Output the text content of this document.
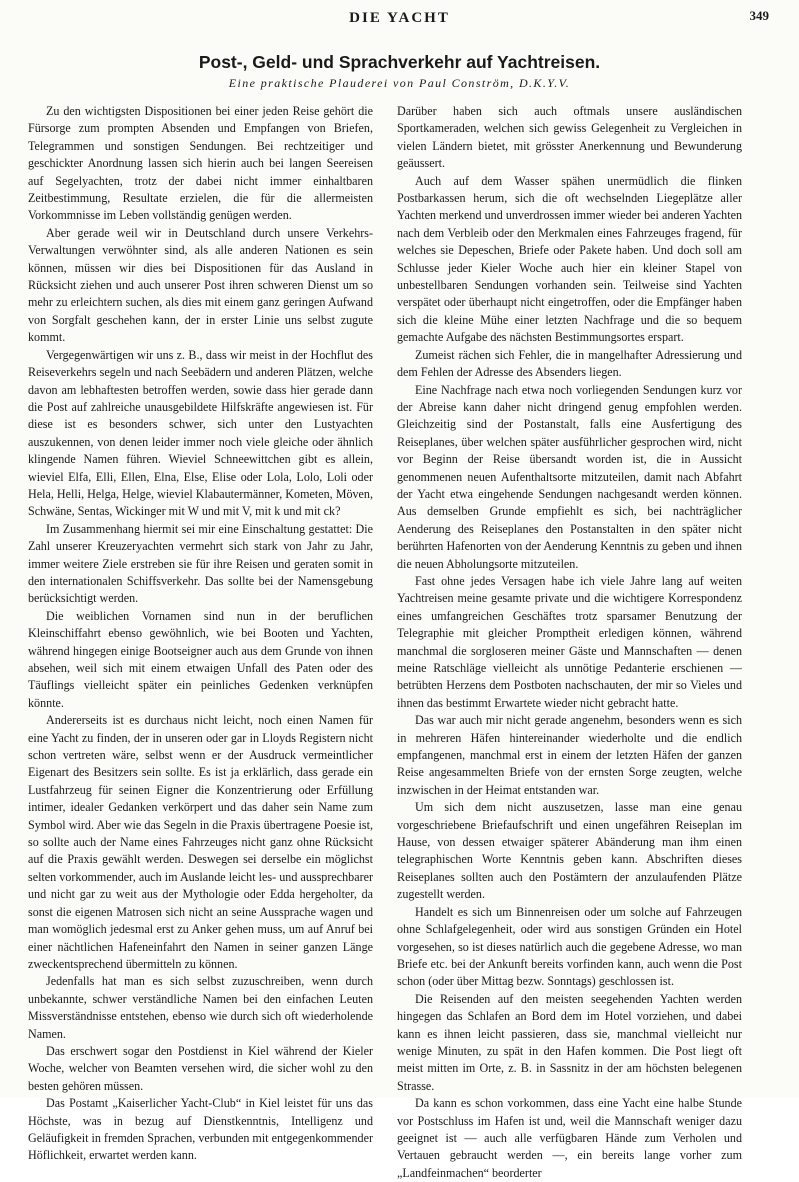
DIE YACHT	349
Post-, Geld- und Sprachverkehr auf Yachtreisen.
Eine praktische Plauderei von Paul Conström, D.K.Y.V.

Zu den wichtigsten Dispositionen bei einer jeden Reise gehört die Fürsorge zum prompten Absenden und Empfangen von Briefen, Telegrammen und sonstigen Sendungen. Bei rechtzeitiger und geschickter Anordnung lassen sich hierin auch bei langen Seereisen auf Segelyachten, trotz der dabei nicht immer einhaltbaren Zeitbestimmung, Resultate erzielen, die für die allermeisten Vorkommnisse im Leben vollständig genügen werden.

Aber gerade weil wir in Deutschland durch unsere Verkehrs-Verwaltungen verwöhnter sind, als alle anderen Nationen es sein können, müssen wir dies bei Dispositionen für das Ausland in Rücksicht ziehen und auch unserer Post ihren schweren Dienst um so mehr zu erleichtern suchen, als dies mit einem ganz geringen Aufwand von Sorgfalt geschehen kann, der in erster Linie uns selbst zugute kommt.

Vergegenwärtigen wir uns z. B., dass wir meist in der Hochflut des Reiseverkehrs segeln und nach Seebädern und anderen Plätzen, welche davon am lebhaftesten betroffen werden, sowie dass hier gerade dann die Post auf zahlreiche unausgebildete Hilfskräfte angewiesen ist. Für diese ist es besonders schwer, sich unter den Lustyachten auszukennen, von denen leider immer noch viele gleiche oder ähnlich klingende Namen führen. Wieviel Schneewittchen gibt es allein, wieviel Elfa, Elli, Ellen, Elna, Else, Elise oder Lola, Lolo, Loli oder Hela, Helli, Helga, Helge, wieviel Klabautermänner, Kometen, Möven, Schwäne, Sentas, Wickinger mit W und mit V, mit k und mit ck?

Im Zusammenhang hiermit sei mir eine Einschaltung gestattet: Die Zahl unserer Kreuzeryachten vermehrt sich stark von Jahr zu Jahr, immer weitere Ziele erstreben sie für ihre Reisen und geraten somit in den internationalen Schiffsverkehr. Das sollte bei der Namensgebung berücksichtigt werden.

Die weiblichen Vornamen sind nun in der beruflichen Kleinschiffahrt ebenso gewöhnlich, wie bei Booten und Yachten, während hingegen einige Bootseigner auch aus dem Grunde von ihnen absehen, weil sich mit einem etwaigen Unfall des Paten oder des Täuflings vielleicht später ein peinliches Gedenken verknüpfen könnte.

Andererseits ist es durchaus nicht leicht, noch einen Namen für eine Yacht zu finden, der in unseren oder gar in Lloyds Registern nicht schon vertreten wäre, selbst wenn er der Ausdruck vermeintlicher Eigenart des Besitzers sein sollte. Es ist ja erklärlich, dass gerade ein Lustfahrzeug für seinen Eigner die Konzentrierung oder Erfüllung intimer, idealer Gedanken verkörpert und das daher sein Name zum Symbol wird. Aber wie das Segeln in die Praxis übertragene Poesie ist, so sollte auch der Name eines Fahrzeuges nicht ganz ohne Rücksicht auf die Praxis gewählt werden. Deswegen sei derselbe ein möglichst selten vorkommender, auch im Auslande leicht les- und aussprechbarer und nicht gar zu weit aus der Mythologie oder Edda hergeholter, da sonst die eigenen Matrosen sich nicht an seine Aussprache wagen und man womöglich jedesmal erst zu Anker gehen muss, um auf Anruf bei einer nächtlichen Hafeneinfahrt den Namen in seiner ganzen Länge zweckentsprechend übermitteln zu können.

Jedenfalls hat man es sich selbst zuzuschreiben, wenn durch unbekannte, schwer verständliche Namen bei den einfachen Leuten Missverständnisse entstehen, ebenso wie durch sich oft wiederholende Namen.

Das erschwert sogar den Postdienst in Kiel während der Kieler Woche, welcher von Beamten versehen wird, die sicher wohl zu den besten gehören müssen.

Das Postamt „Kaiserlicher Yacht-Club“ in Kiel leistet für uns das Höchste, was in bezug auf Dienstkenntnis, Intelligenz und Geläufigkeit in fremden Sprachen, verbunden mit entgegenkommender Höflichkeit, erwartet werden kann.

Darüber haben sich auch oftmals unsere ausländischen Sportkameraden, welchen sich gewiss Gelegenheit zu Vergleichen in vielen Ländern bietet, mit grösster Anerkennung und Bewunderung geäussert.

Auch auf dem Wasser spähen unermüdlich die flinken Postbarkassen herum, sich die oft wechselnden Liegeplätze aller Yachten merkend und unverdrossen immer wieder bei anderen Yachten nach dem Verbleib oder den Merkmalen eines Fahrzeuges fragend, für welches sie Depeschen, Briefe oder Pakete haben. Und doch soll am Schlusse jeder Kieler Woche auch hier ein kleiner Stapel von unbestellbaren Sendungen vorhanden sein. Teilweise sind Yachten verspätet oder überhaupt nicht eingetroffen, oder die Empfänger haben sich die kleine Mühe einer letzten Nachfrage und die so bequem gemachte Aufgabe des nächsten Bestimmungsortes erspart.

Zumeist rächen sich Fehler, die in mangelhafter Adressierung und dem Fehlen der Adresse des Absenders liegen.

Eine Nachfrage nach etwa noch vorliegenden Sendungen kurz vor der Abreise kann daher nicht dringend genug empfohlen werden. Gleichzeitig sind der Postanstalt, falls eine Ausfertigung des Reiseplanes, über welchen später ausführlicher gesprochen wird, nicht vor Beginn der Reise übersandt worden ist, die in Aussicht genommenen neuen Aufenthaltsorte mitzuteilen, damit nach Abfahrt der Yacht etwa eingehende Sendungen nachgesandt werden können. Aus demselben Grunde empfiehlt es sich, bei nachträglicher Aenderung des Reiseplanes den Postanstalten in den später nicht berührten Hafenorten von der Aenderung Kenntnis zu geben und ihnen die neuen Abholungsorte mitzuteilen.

Fast ohne jedes Versagen habe ich viele Jahre lang auf weiten Yachtreisen meine gesamte private und die wichtigere Korrespondenz eines umfangreichen Geschäftes trotz sparsamer Benutzung der Telegraphie mit gleicher Promptheit erledigen können, während manchmal die sorgloseren meiner Gäste und Mannschaften — denen meine Ratschläge vielleicht als unnötige Pedanterie erschienen — betrübten Herzens dem Postboten nachschauten, der mir so Vieles und ihnen das bestimmt Erwartete wieder nicht gebracht hatte.

Das war auch mir nicht gerade angenehm, besonders wenn es sich in mehreren Häfen hintereinander wiederholte und die endlich empfangenen, manchmal erst in einem der letzten Häfen der ganzen Reise angesammelten Briefe von der ernsten Sorge zeugten, welche inzwischen in der Heimat entstanden war.

Um sich dem nicht auszusetzen, lasse man eine genau vorgeschriebene Briefaufschrift und einen ungefähren Reiseplan im Hause, von dessen etwaiger späterer Abänderung man ihm einen telegraphischen Worte Kenntnis geben kann. Abschriften dieses Reiseplanes sollten auch den Postämtern der anzulaufenden Plätze zugestellt werden.

Handelt es sich um Binnenreisen oder um solche auf Fahrzeugen ohne Schlafgelegenheit, oder wird aus sonstigen Gründen ein Hotel vorgesehen, so ist dieses natürlich auch die gegebene Adresse, wo man Briefe etc. bei der Ankunft bereits vorfinden kann, auch wenn die Post schon (oder über Mittag bezw. Sonntags) geschlossen ist.

Die Reisenden auf den meisten seegehenden Yachten werden hingegen das Schlafen an Bord dem im Hotel vorziehen, und dabei kann es ihnen leicht passieren, dass sie, manchmal vielleicht nur wenige Minuten, zu spät in den Hafen kommen. Die Post liegt oft meist mitten im Orte, z. B. in Sassnitz in der am höchsten belegenen Strasse.

Da kann es schon vorkommen, dass eine Yacht eine halbe Stunde vor Postschluss im Hafen ist und, weil die Mannschaft weniger dazu geeignet ist — auch alle verfügbaren Hände zum Verholen und Vertauen gebraucht werden —, ein bereits lange vorher zum „Landfeinmachen“ beorderter
